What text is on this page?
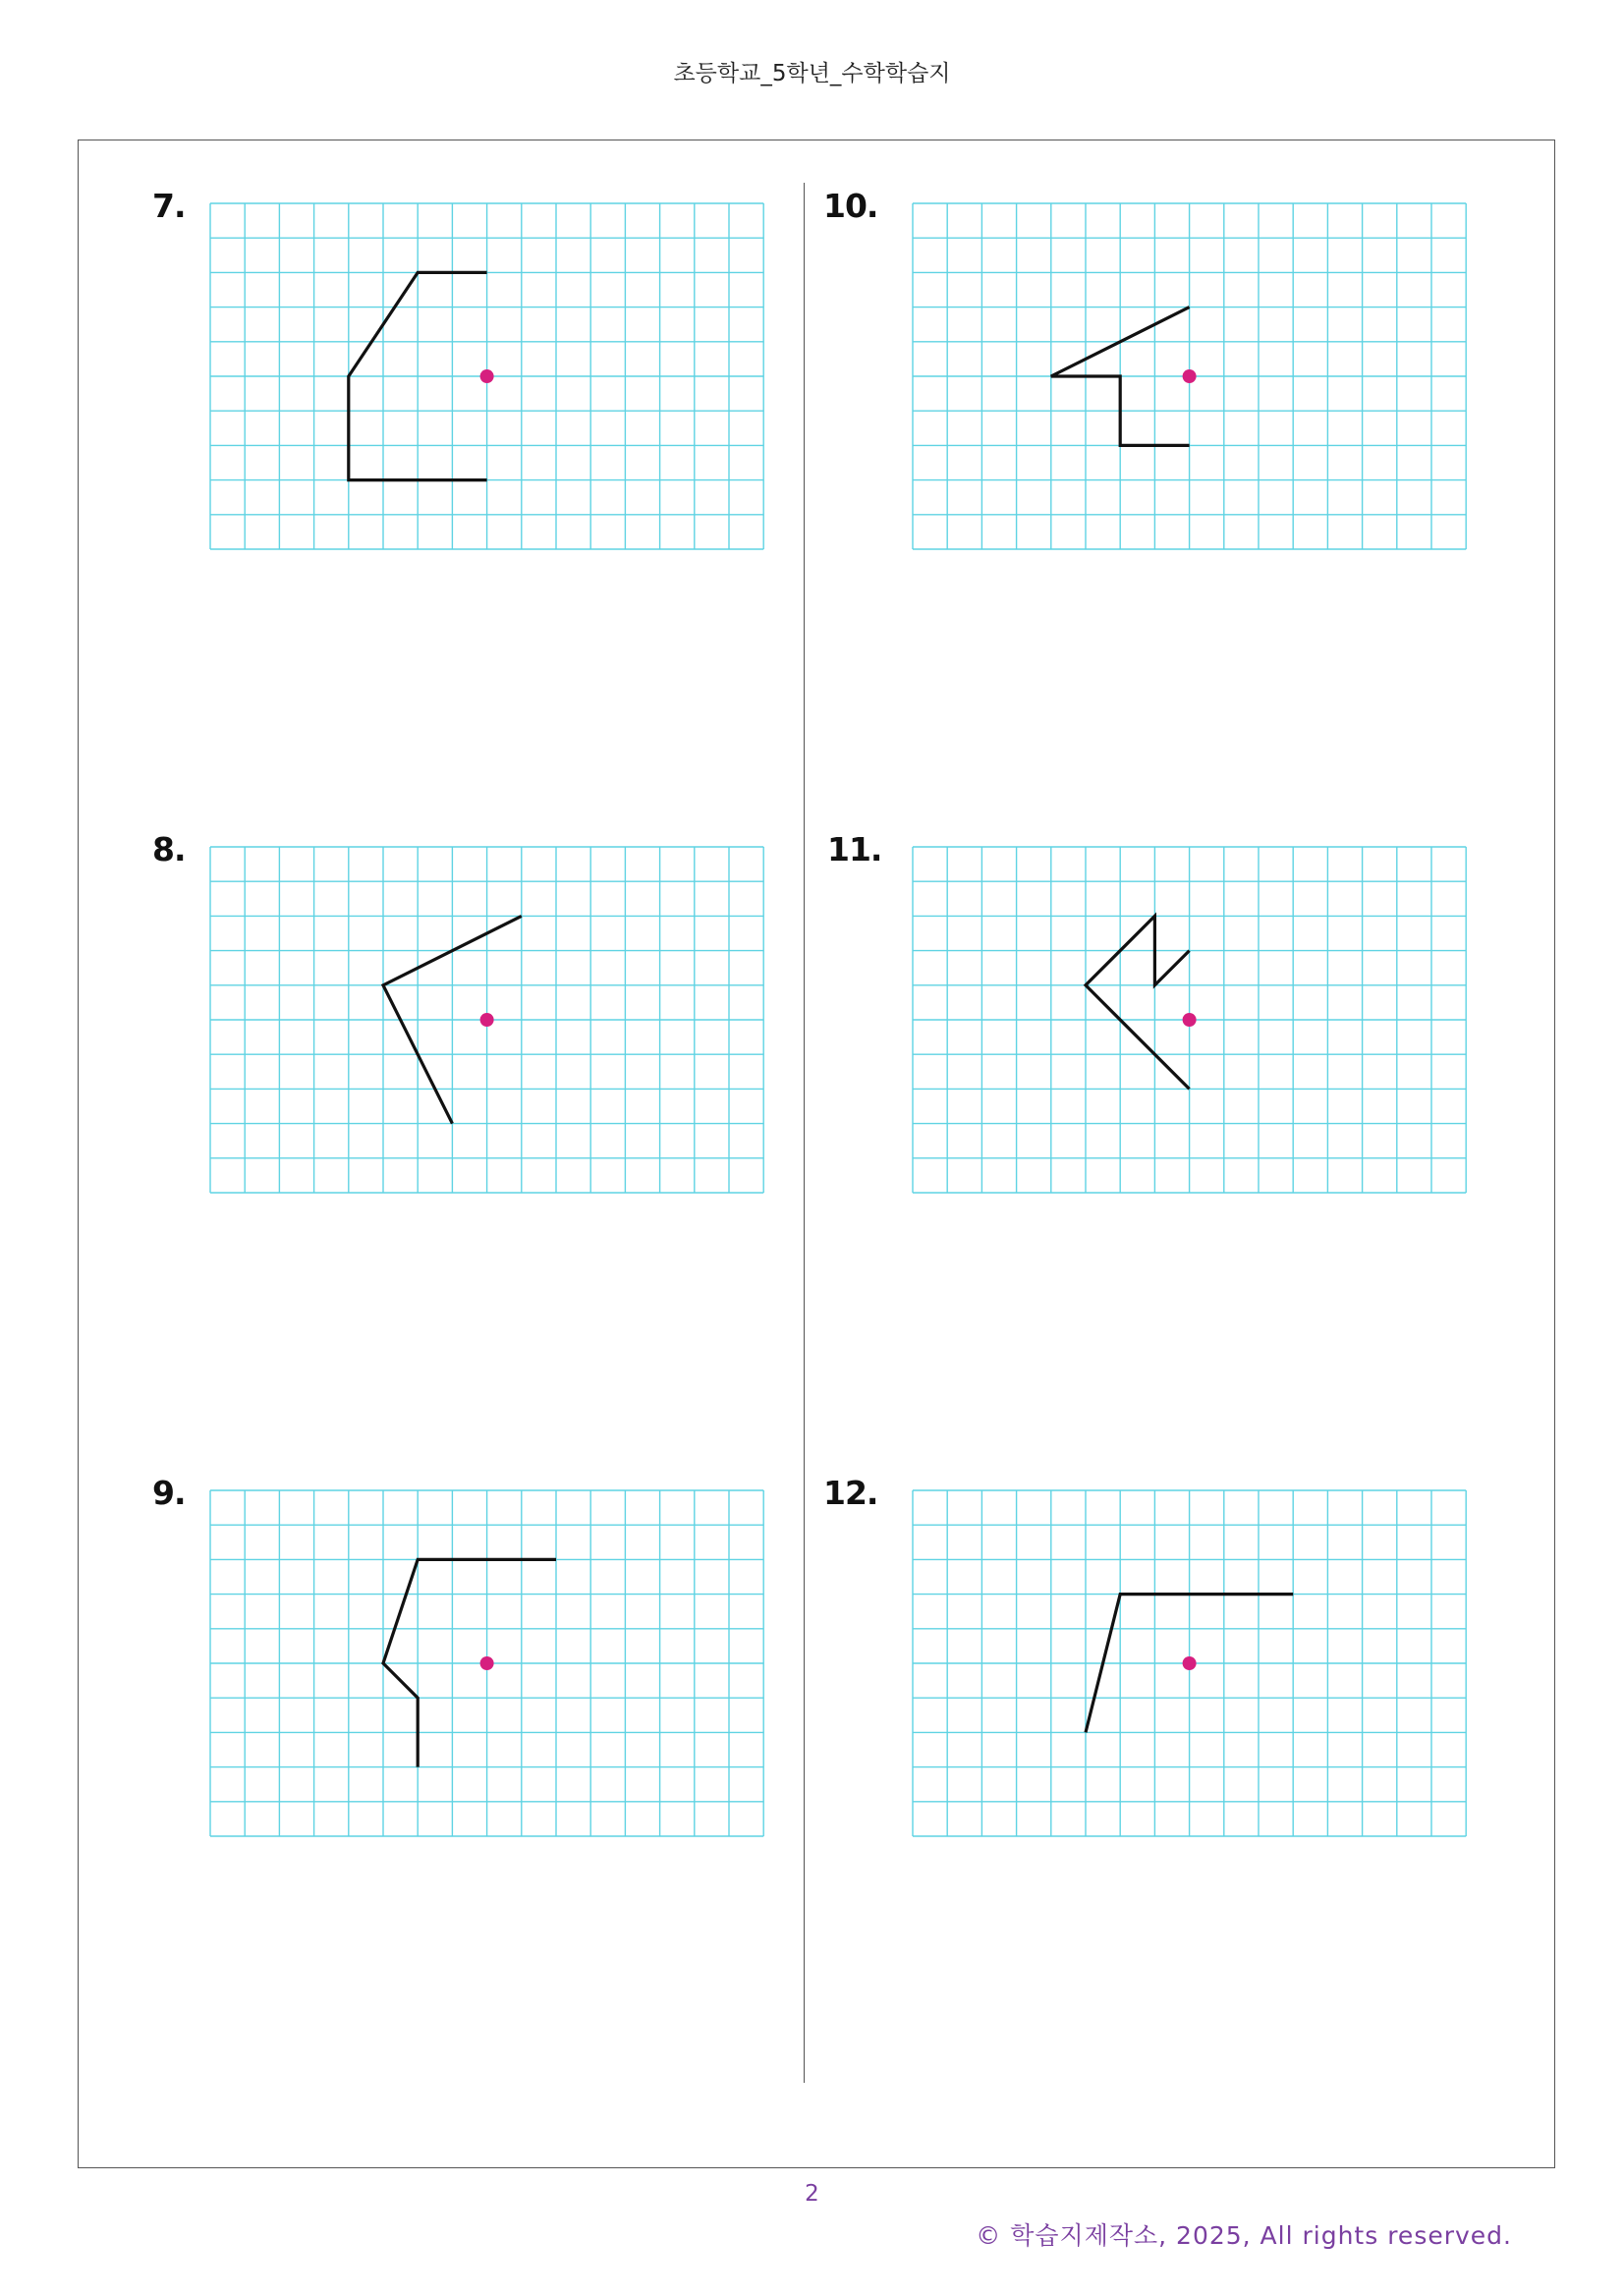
초등학교_5학년_수학학습지
7.
8.
9.
10.
11.
12.
2
© 학습지제작소, 2025, All rights reserved.
